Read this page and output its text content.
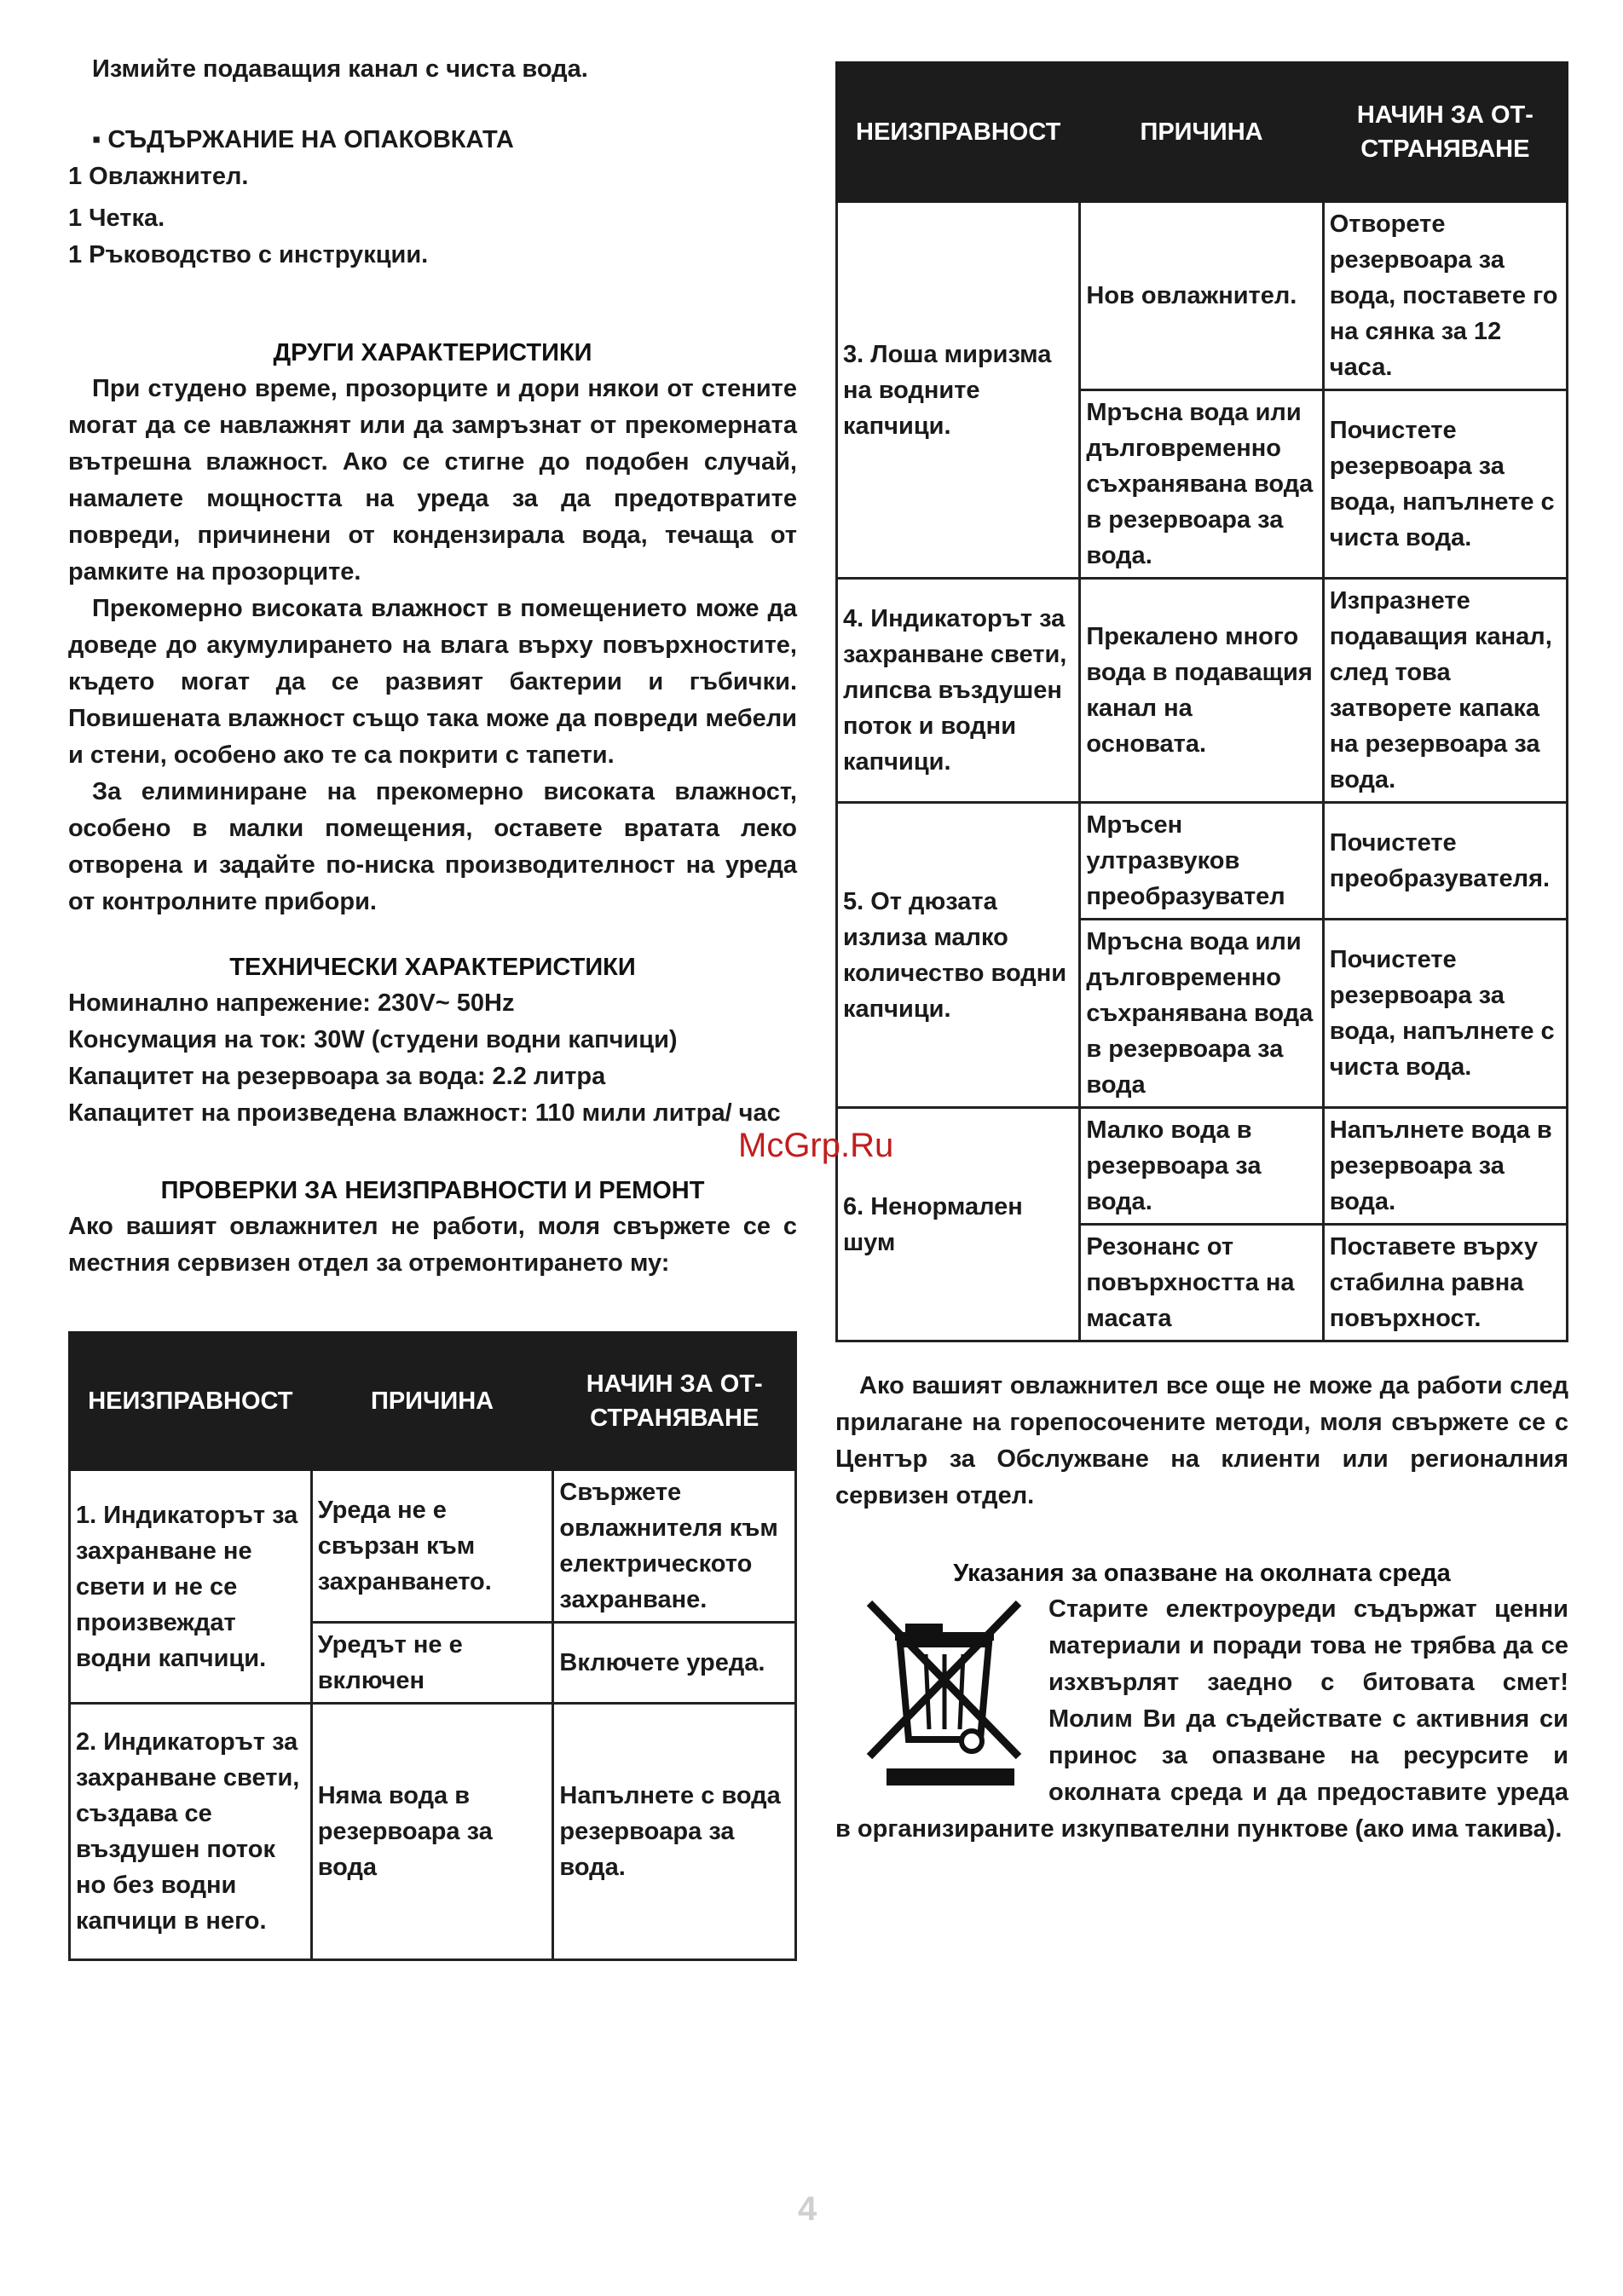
Измийте подаващия канал с чиста вода.

▪ СЪДЪРЖАНИЕ НА ОПАКОВКАТА

1 Овлажнител.

1 Четка.

1 Ръководство с инструкции.

ДРУГИ ХАРАКТЕРИСТИКИ

При студено време, прозорците и дори някои от стените могат да се навлажнят или да замръзнат от прекомерната вътрешна влажност. Ако се стигне до подобен случай, намалете мощността на уреда за да предотвратите повреди, причинени от кондензирала вода, течаща от рамките на прозорците.

Прекомерно високата влажност в помещението може да доведе до акумулирането на влага върху повърхностите, където могат да се развият бактерии и гъбички. Повишената влажност също така може да повреди мебели и стени, особено ако те са покрити с тапети.

За елиминиране на прекомерно високата влажност, особено в малки помещения, оставете вратата леко отворена и задайте по-ниска производителност на уреда от контролните прибори.

ТЕХНИЧЕСКИ ХАРАКТЕРИСТИКИ

Номинално напрежение: 230V~ 50Hz

Консумация на ток: 30W (студени водни капчици)

Капацитет на резервоара за вода: 2.2 литра

Капацитет на произведена влажност: 110 мили литра/ час

ПРОВЕРКИ ЗА НЕИЗПРАВНОСТИ И РЕМОНТ

Ако вашият овлажнител не работи, моля свържете се с местния сервизен отдел за отремонтирането му:

НЕИЗПРАВНОСТ	ПРИЧИНА	НАЧИН ЗА ОТ-СТРАНЯВАНЕ
1. Индикаторът за захранване не свети и не се произвеждат водни капчици.	Уреда не е свързан към захранването.	Свържете овлажнителя към електрическото захранване.
	Уредът не е включен	Включете уреда.
2. Индикаторът за захранване свети, създава се въздушен поток но без водни капчици в него.	Няма вода в резервоара за вода	Напълнете с вода резервоара за вода.
НЕИЗПРАВНОСТ	ПРИЧИНА	НАЧИН ЗА ОТ-СТРАНЯВАНЕ
3. Лоша миризма на водните капчици.	Нов овлажнител.	Отворете резервоара за вода, поставете го на сянка за 12 часа.
	Мръсна вода или дълговременно съхранявана вода в резервоара за вода.	Почистете резервоара за вода, напълнете с чиста вода.
4. Индикаторът за захранване свети, липсва въздушен поток и водни капчици.	Прекалено много вода в подаващия канал на основата.	Изпразнете подаващия канал, след това затворете капака на резервоара за вода.
5. От дюзата излиза малко количество водни капчици.	Мръсен ултразвуков преобразувател	Почистете преобразувателя.
	Мръсна вода или дълговременно съхранявана вода в резервоара за вода	Почистете резервоара за вода, напълнете с чиста вода.
6. Ненормален шум	Малко вода в резервоара за вода.	Напълнете вода в резервоара за вода.
	Резонанс от повърхността на масата	Поставете върху стабилна равна повърхност.

Ако вашият овлажнител все още не може да работи след прилагане на горепосочените методи, моля свържете се с Център за Обслужване на клиенти или регионалния сервизен отдел.

Указания за опазване на околната среда

Старите електроуреди съдържат ценни материали и поради това не трябва да се изхвърлят заедно с битовата смет! Молим Ви да съдействате с активния си принос за опазване на ресурсите и околната среда и да предоставите уреда в организираните изкупвателни пунктове (ако има такива).

McGrp.Ru
4
